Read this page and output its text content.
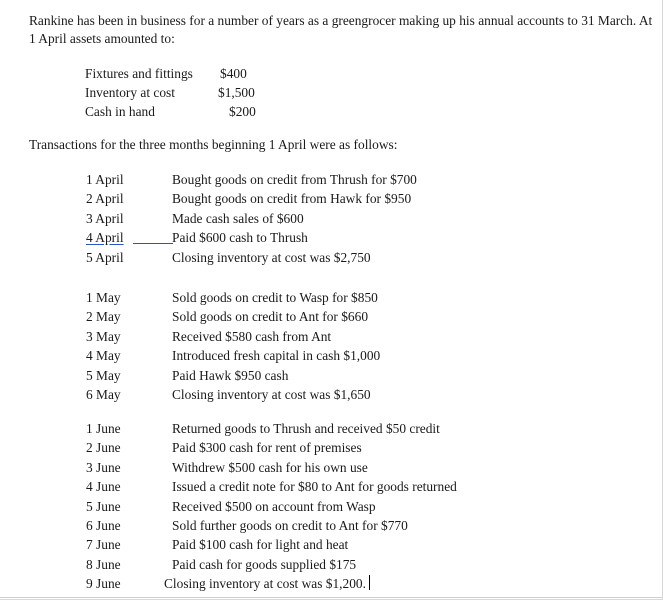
Rankine has been in business for a number of years as a greengrocer making up his annual accounts to 31 March. At 1 April assets amounted to:

Fixtures and fittings $400
Inventory at cost	$1,500
Cash in hand	$200

Transactions for the three months beginning 1 April were as follows:

1 April	Bought goods on credit from Thrush for $700
2 April	Bought goods on credit from Hawk for $950
3 April	Made cash sales of $600
4 April	Paid $600 cash to Thrush
5 April	Closing inventory at cost was $2,750
1 May	Sold goods on credit to Wasp for $850
2 May	Sold goods on credit to Ant for $660
3 May	Received $580 cash from Ant
4 May	Introduced fresh capital in cash $1,000
5 May	Paid Hawk $950 cash
6 May	Closing inventory at cost was $1,650
1 June	Returned goods to Thrush and received $50 credit
2 June	Paid $300 cash for rent of premises
3 June	Withdrew $500 cash for his own use
4 June	Issued a credit note for $80 to Ant for goods returned
5 June	Received $500 on account from Wasp
6 June	Sold further goods on credit to Ant for $770
7 June	Paid $100 cash for light and heat
8 June	Paid cash for goods supplied $175
9 June	Closing inventory at cost was $1,200.
